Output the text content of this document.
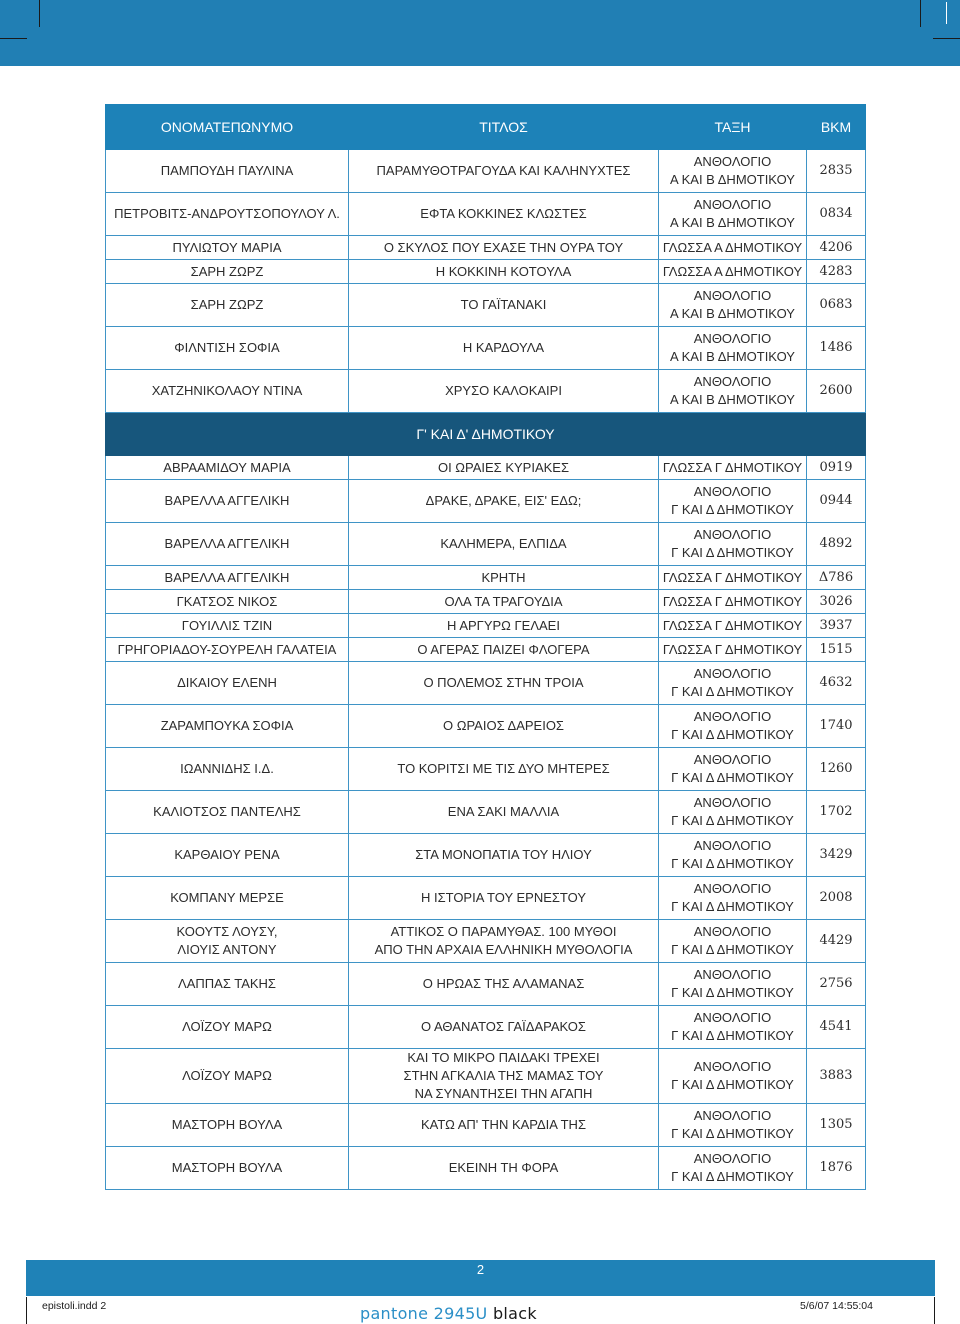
ΟΝΟΜΑΤΕΠΩΝΥΜΟ	ΤΙΤΛΟΣ	ΤΑΞΗ	ΒΚΜ

ΠΑΜΠΟΥΔΗ ΠΑΥΛΙΝΑ	ΠΑΡΑΜΥΘΟΤΡΑΓΟΥΔΑ ΚΑΙ ΚΑΛΗΝΥΧΤΕΣ	ΑΝΘΟΛΟΓΙΟ
Α ΚΑΙ Β ΔΗΜΟΤΙΚΟΥ	2835

ΠΕΤΡΟΒΙΤΣ-ΑΝΔΡΟΥΤΣΟΠΟΥΛΟΥ Λ.	ΕΦΤΑ ΚΟΚΚΙΝΕΣ ΚΛΩΣΤΕΣ	ΑΝΘΟΛΟΓΙΟ
Α ΚΑΙ Β ΔΗΜΟΤΙΚΟΥ	0834

ΠΥΛΙΩΤΟΥ ΜΑΡΙΑ	Ο ΣΚΥΛΟΣ ΠΟΥ ΕΧΑΣΕ ΤΗΝ ΟΥΡΑ ΤΟΥ	ΓΛΩΣΣΑ Α ΔΗΜΟΤΙΚΟΥ	4206

ΣΑΡΗ ΖΩΡΖ	Η ΚΟΚΚΙΝΗ ΚΟΤΟΥΛΑ	ΓΛΩΣΣΑ Α ΔΗΜΟΤΙΚΟΥ	4283

ΣΑΡΗ ΖΩΡΖ	ΤΟ ΓΑΪΤΑΝΑΚΙ	ΑΝΘΟΛΟΓΙΟ
Α ΚΑΙ Β ΔΗΜΟΤΙΚΟΥ	0683

ΦΙΛΝΤΙΣΗ ΣΟΦΙΑ	Η ΚΑΡΔΟΥΛΑ	ΑΝΘΟΛΟΓΙΟ
Α ΚΑΙ Β ΔΗΜΟΤΙΚΟΥ	1486

ΧΑΤΖΗΝΙΚΟΛΑΟΥ ΝΤΙΝΑ	ΧΡΥΣΟ ΚΑΛΟΚΑΙΡΙ	ΑΝΘΟΛΟΓΙΟ
Α ΚΑΙ Β ΔΗΜΟΤΙΚΟΥ	2600

Γ' ΚΑΙ Δ' ΔΗΜΟΤΙΚΟΥ			

ΑΒΡΑΑΜΙΔΟΥ ΜΑΡΙΑ	ΟΙ ΩΡΑΙΕΣ ΚΥΡΙΑΚΕΣ	ΓΛΩΣΣΑ Γ ΔΗΜΟΤΙΚΟΥ	0919

ΒΑΡΕΛΛΑ ΑΓΓΕΛΙΚΗ	ΔΡΑΚΕ, ΔΡΑΚΕ, ΕΙΣ' ΕΔΩ;	ΑΝΘΟΛΟΓΙΟ
Γ ΚΑΙ Δ ΔΗΜΟΤΙΚΟΥ	0944

ΒΑΡΕΛΛΑ ΑΓΓΕΛΙΚΗ	ΚΑΛΗΜΕΡΑ, ΕΛΠΙΔΑ	ΑΝΘΟΛΟΓΙΟ
Γ ΚΑΙ Δ ΔΗΜΟΤΙΚΟΥ	4892

ΒΑΡΕΛΛΑ ΑΓΓΕΛΙΚΗ	ΚΡΗΤΗ	ΓΛΩΣΣΑ Γ ΔΗΜΟΤΙΚΟΥ	Δ786

ΓΚΑΤΣΟΣ ΝΙΚΟΣ	ΟΛΑ ΤΑ ΤΡΑΓΟΥΔΙΑ	ΓΛΩΣΣΑ Γ ΔΗΜΟΤΙΚΟΥ	3026

ΓΟΥΙΛΛΙΣ ΤΖΙΝ	Η ΑΡΓΥΡΩ ΓΕΛΑΕΙ	ΓΛΩΣΣΑ Γ ΔΗΜΟΤΙΚΟΥ	3937

ΓΡΗΓΟΡΙΑΔΟΥ-ΣΟΥΡΕΛΗ ΓΑΛΑΤΕΙΑ	Ο ΑΓΕΡΑΣ ΠΑΙΖΕΙ ΦΛΟΓΕΡΑ	ΓΛΩΣΣΑ Γ ΔΗΜΟΤΙΚΟΥ	1515

ΔΙΚΑΙΟΥ ΕΛΕΝΗ	Ο ΠΟΛΕΜΟΣ ΣΤΗΝ ΤΡΟΙΑ	ΑΝΘΟΛΟΓΙΟ
Γ ΚΑΙ Δ ΔΗΜΟΤΙΚΟΥ	4632

ΖΑΡΑΜΠΟΥΚΑ ΣΟΦΙΑ	Ο ΩΡΑΙΟΣ ΔΑΡΕΙΟΣ	ΑΝΘΟΛΟΓΙΟ
Γ ΚΑΙ Δ ΔΗΜΟΤΙΚΟΥ	1740

ΙΩΑΝΝΙΔΗΣ Ι.Δ.	ΤΟ ΚΟΡΙΤΣΙ ΜΕ ΤΙΣ ΔΥΟ ΜΗΤΕΡΕΣ	ΑΝΘΟΛΟΓΙΟ
Γ ΚΑΙ Δ ΔΗΜΟΤΙΚΟΥ	1260

ΚΑΛΙΟΤΣΟΣ ΠΑΝΤΕΛΗΣ	ΕΝΑ ΣΑΚΙ ΜΑΛΛΙΑ	ΑΝΘΟΛΟΓΙΟ
Γ ΚΑΙ Δ ΔΗΜΟΤΙΚΟΥ	1702

ΚΑΡΘΑΙΟΥ ΡΕΝΑ	ΣΤΑ ΜΟΝΟΠΑΤΙΑ ΤΟΥ ΗΛΙΟΥ	ΑΝΘΟΛΟΓΙΟ
Γ ΚΑΙ Δ ΔΗΜΟΤΙΚΟΥ	3429

ΚΟΜΠΑΝΥ ΜΕΡΣΕ	Η ΙΣΤΟΡΙΑ ΤΟΥ ΕΡΝΕΣΤΟΥ	ΑΝΘΟΛΟΓΙΟ
Γ ΚΑΙ Δ ΔΗΜΟΤΙΚΟΥ	2008

ΚΟΟΥΤΣ ΛΟΥΣΥ,
ΛΙΟΥΙΣ ΑΝΤΟΝΥ	ΑΤΤΙΚΟΣ Ο ΠΑΡΑΜΥΘΑΣ. 100 ΜΥΘΟΙ
ΑΠΟ ΤΗΝ ΑΡΧΑΙΑ ΕΛΛΗΝΙΚΗ ΜΥΘΟΛΟΓΙΑ	ΑΝΘΟΛΟΓΙΟ
Γ ΚΑΙ Δ ΔΗΜΟΤΙΚΟΥ	4429

ΛΑΠΠΑΣ ΤΑΚΗΣ	Ο ΗΡΩΑΣ ΤΗΣ ΑΛΑΜΑΝΑΣ	ΑΝΘΟΛΟΓΙΟ
Γ ΚΑΙ Δ ΔΗΜΟΤΙΚΟΥ	2756

ΛΟΪΖΟΥ ΜΑΡΩ	Ο ΑΘΑΝΑΤΟΣ ΓΑΪΔΑΡΑΚΟΣ	ΑΝΘΟΛΟΓΙΟ
Γ ΚΑΙ Δ ΔΗΜΟΤΙΚΟΥ	4541

ΛΟΪΖΟΥ ΜΑΡΩ	ΚΑΙ ΤΟ ΜΙΚΡΟ ΠΑΙΔΑΚΙ ΤΡΕΧΕΙ
ΣΤΗΝ ΑΓΚΑΛΙΑ ΤΗΣ ΜΑΜΑΣ ΤΟΥ
ΝΑ ΣΥΝΑΝΤΗΣΕΙ ΤΗΝ ΑΓΑΠΗ	ΑΝΘΟΛΟΓΙΟ
Γ ΚΑΙ Δ ΔΗΜΟΤΙΚΟΥ	3883

ΜΑΣΤΟΡΗ ΒΟΥΛΑ	ΚΑΤΩ ΑΠ' ΤΗΝ ΚΑΡΔΙΑ ΤΗΣ	ΑΝΘΟΛΟΓΙΟ
Γ ΚΑΙ Δ ΔΗΜΟΤΙΚΟΥ	1305

ΜΑΣΤΟΡΗ ΒΟΥΛΑ	ΕΚΕΙΝΗ ΤΗ ΦΟΡΑ	ΑΝΘΟΛΟΓΙΟ
Γ ΚΑΙ Δ ΔΗΜΟΤΙΚΟΥ	1876
2
epistoli.indd 2	5/6/07 14:55:04
pantone 2945U black
